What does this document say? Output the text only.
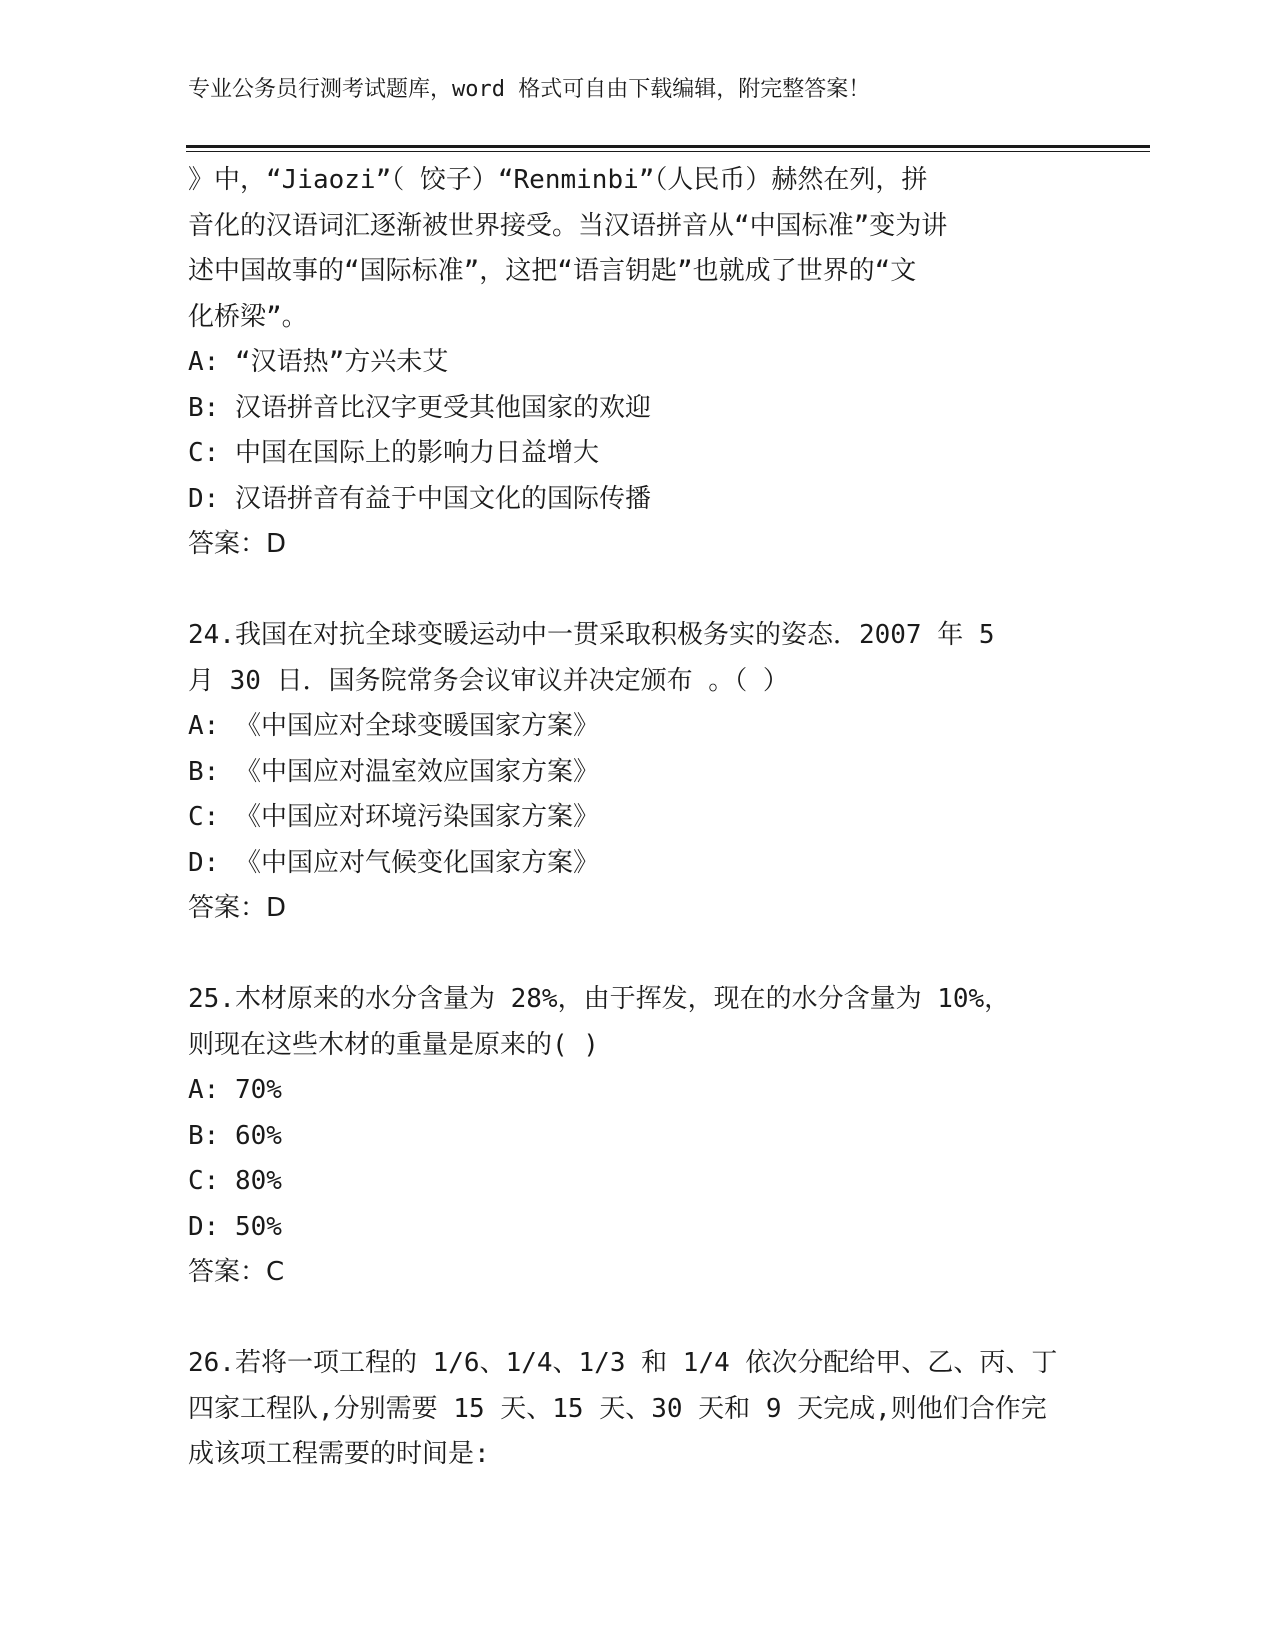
专业公务员行测考试题库，word 格式可自由下载编辑，附完整答案！
》中，“Jiaozi”（ 饺子）“Renminbi”（人民币）赫然在列，拼
音化的汉语词汇逐渐被世界接受。当汉语拼音从“中国标准”变为讲
述中国故事的“国际标准”，这把“语言钥匙”也就成了世界的“文
化桥梁”。
A: “汉语热”方兴未艾
B: 汉语拼音比汉字更受其他国家的欢迎
C: 中国在国际上的影响力日益增大
D: 汉语拼音有益于中国文化的国际传播
答案：D
24.我国在对抗全球变暖运动中一贯采取积极务实的姿态．2007 年 5
月 30 日．国务院常务会议审议并决定颁布 。（ ）
A: 《中国应对全球变暖国家方案》
B: 《中国应对温室效应国家方案》
C: 《中国应对环境污染国家方案》
D: 《中国应对气候变化国家方案》
答案：D
25.木材原来的水分含量为 28%，由于挥发，现在的水分含量为 10%，
则现在这些木材的重量是原来的( )
A: 70%
B: 60%
C: 80%
D: 50%
答案：C
26.若将一项工程的 1/6、1/4、1/3 和 1/4 依次分配给甲、乙、丙、丁
四家工程队,分别需要 15 天、15 天、30 天和 9 天完成,则他们合作完
成该项工程需要的时间是:
